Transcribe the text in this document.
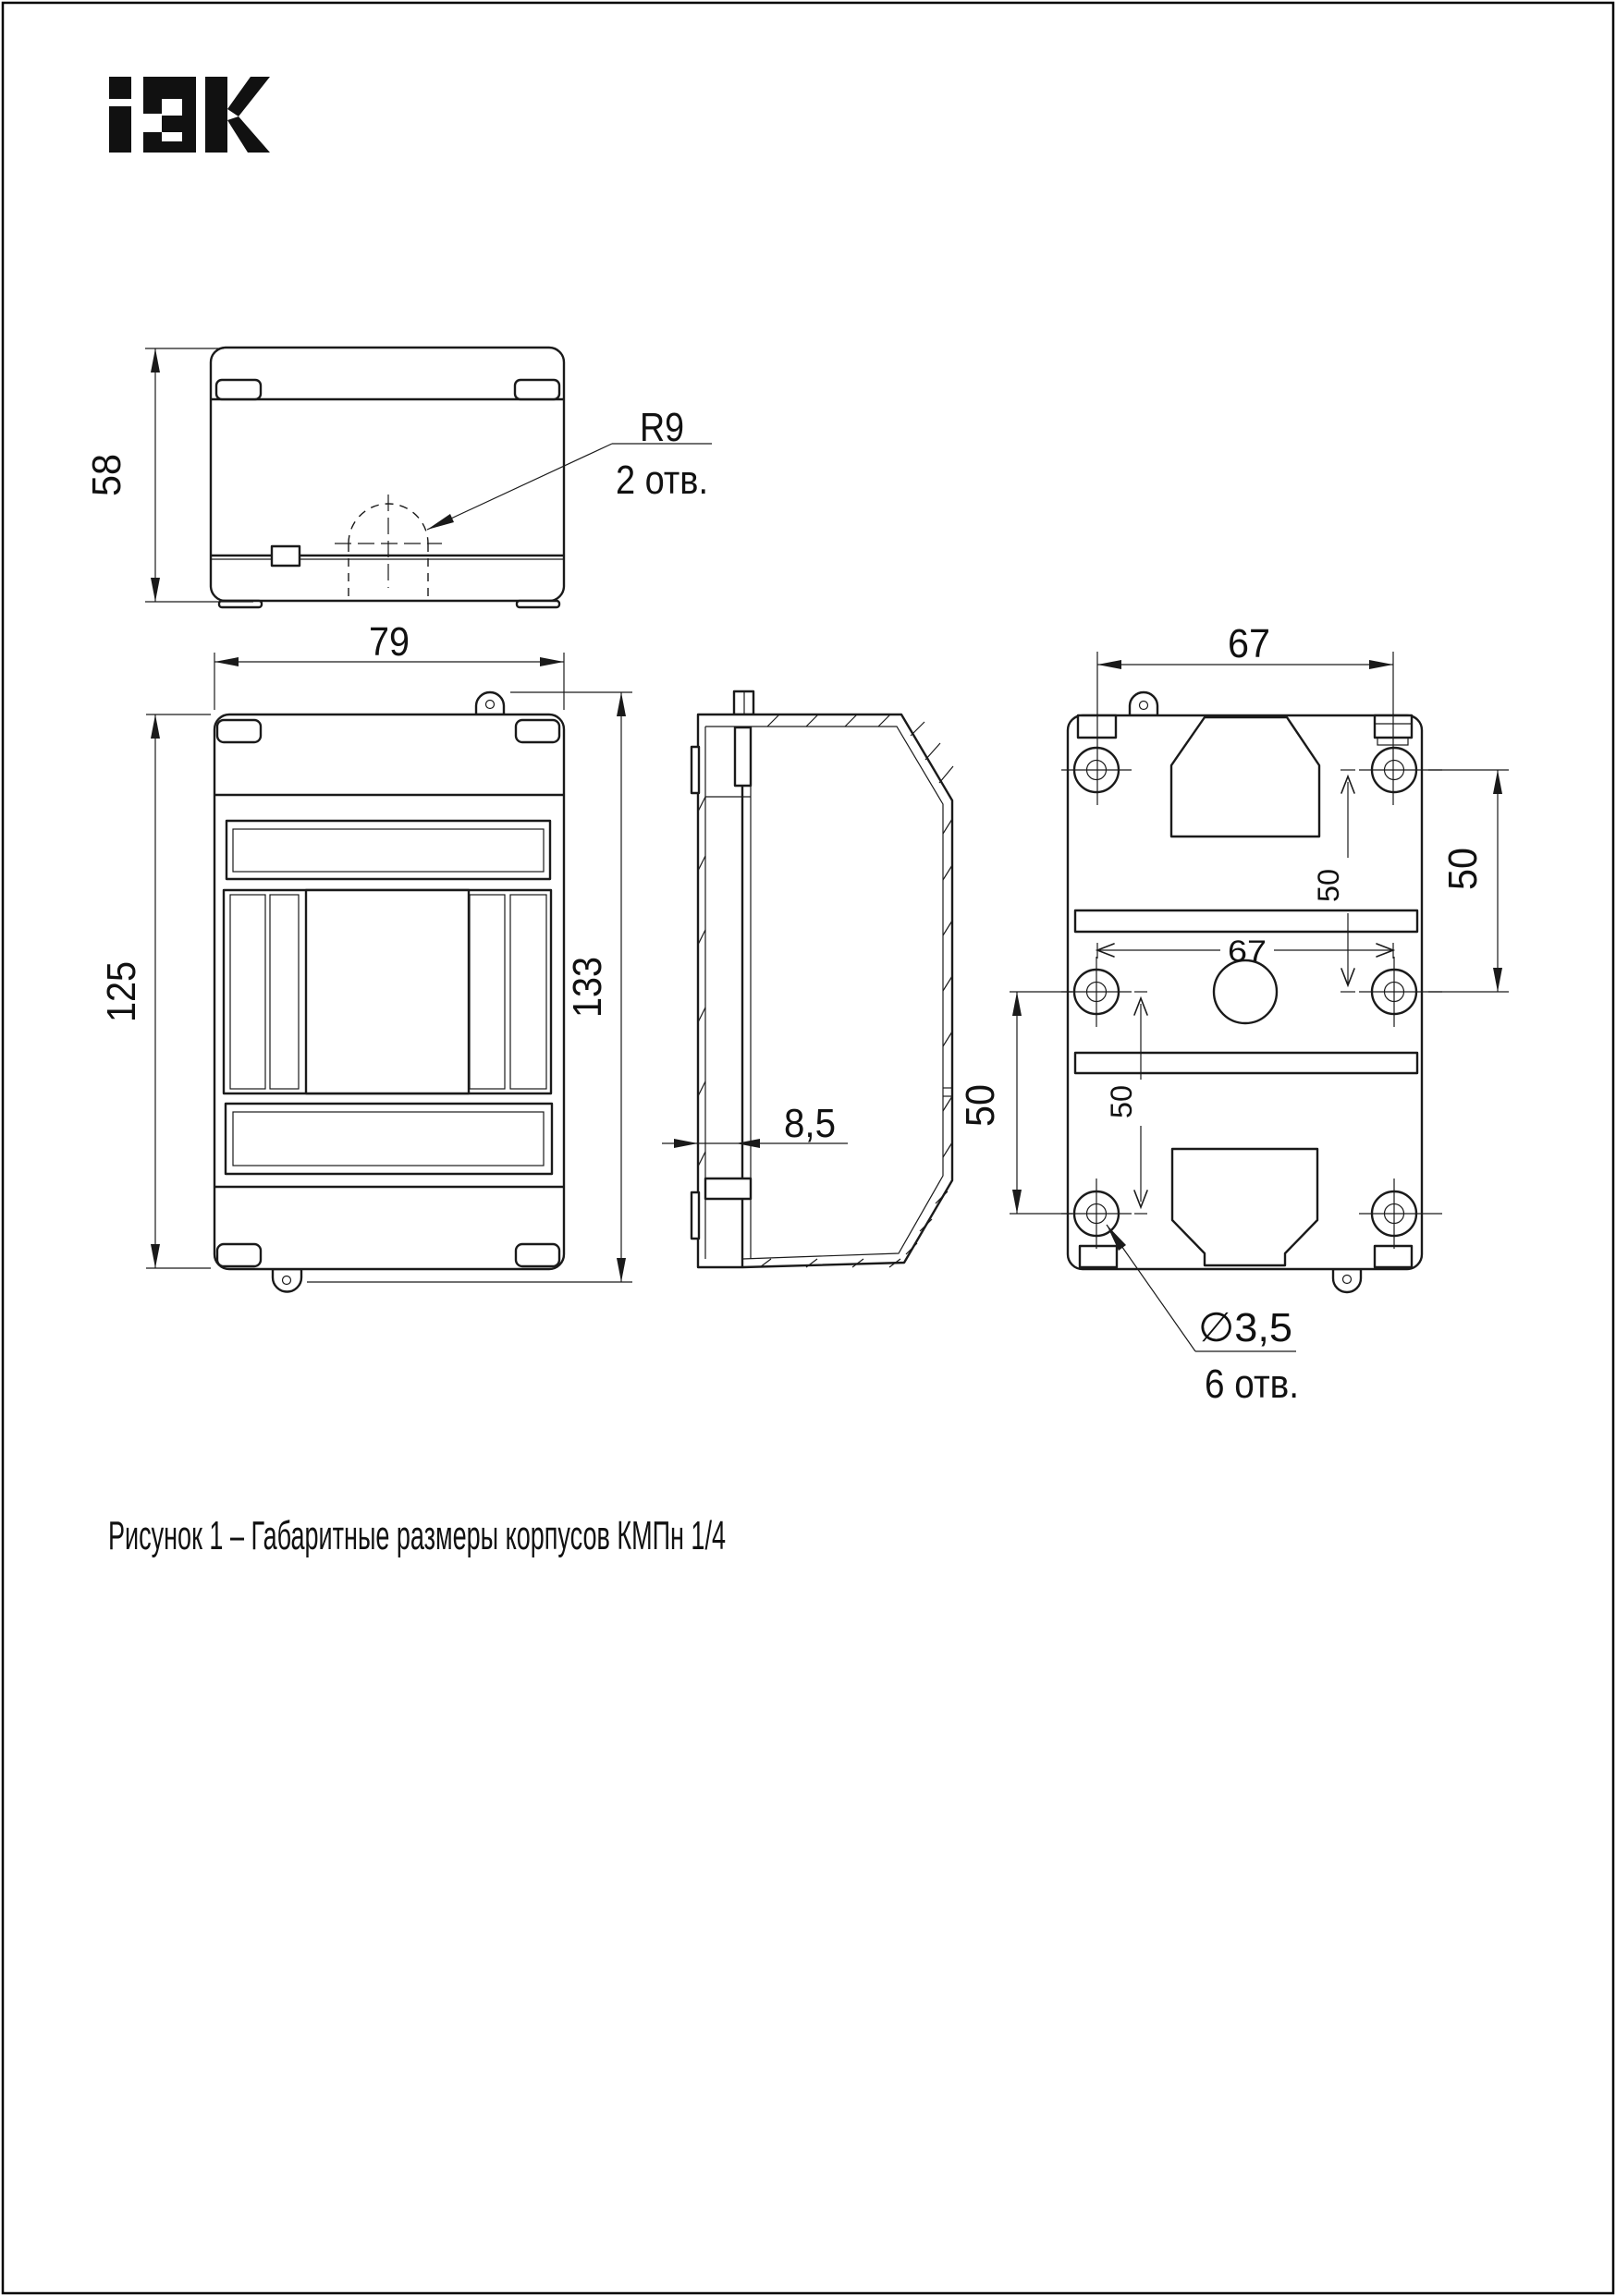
R9
2 отв.
58
79
125	133
8,5
67
50
50
67
50
50
∅3,5
6 отв.
Рисунок 1 – Габаритные размеры корпусов КМПн 1/4
